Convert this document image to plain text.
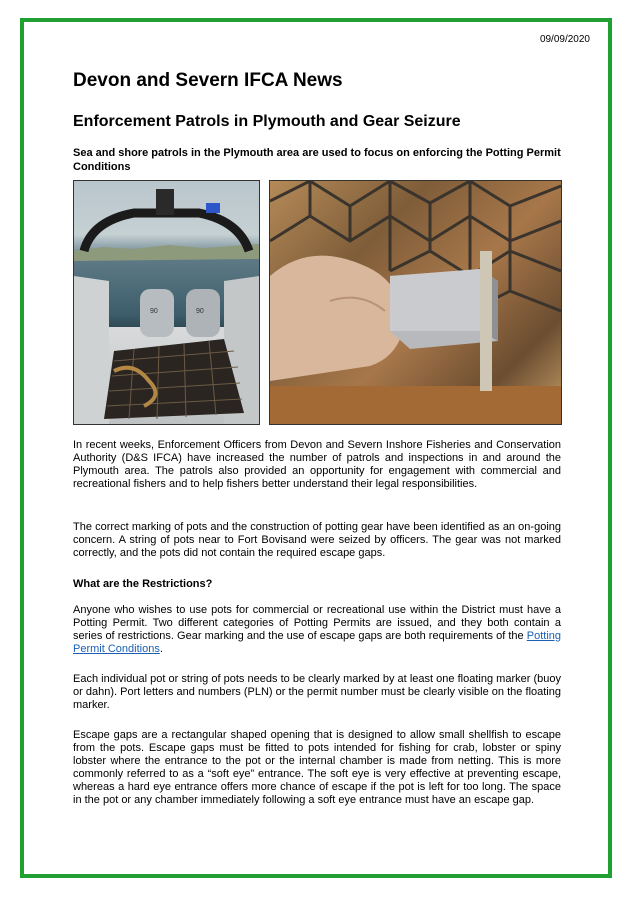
09/09/2020
Devon and Severn IFCA News
Enforcement Patrols in Plymouth and Gear Seizure

Sea and shore patrols in the Plymouth area are used to focus on enforcing the Potting Permit Conditions

90	90

In recent weeks, Enforcement Officers from Devon and Severn Inshore Fisheries and Conservation Authority (D&S IFCA) have increased the number of patrols and inspections in and around the Plymouth area. The patrols also provided an opportunity for engagement with commercial and recreational fishers and to help fishers better understand their legal responsibilities.

The correct marking of pots and the construction of potting gear have been identified as an on-going concern. A string of pots near to Fort Bovisand were seized by officers. The gear was not marked correctly, and the pots did not contain the required escape gaps.

What are the Restrictions?

Anyone who wishes to use pots for commercial or recreational use within the District must have a Potting Permit. Two different categories of Potting Permits are issued, and they both contain a series of restrictions. Gear marking and the use of escape gaps are both requirements of the Potting Permit Conditions.

Each individual pot or string of pots needs to be clearly marked by at least one floating marker (buoy or dahn). Port letters and numbers (PLN) or the permit number must be clearly visible on the floating marker.

Escape gaps are a rectangular shaped opening that is designed to allow small shellfish to escape from the pots. Escape gaps must be fitted to pots intended for fishing for crab, lobster or spiny lobster where the entrance to the pot or the internal chamber is made from netting. This is more commonly referred to as a “soft eye” entrance. The soft eye is very effective at preventing escape, whereas a hard eye entrance offers more chance of escape if the pot is left for too long. The space in the pot or any chamber immediately following a soft eye entrance must have an escape gap.
